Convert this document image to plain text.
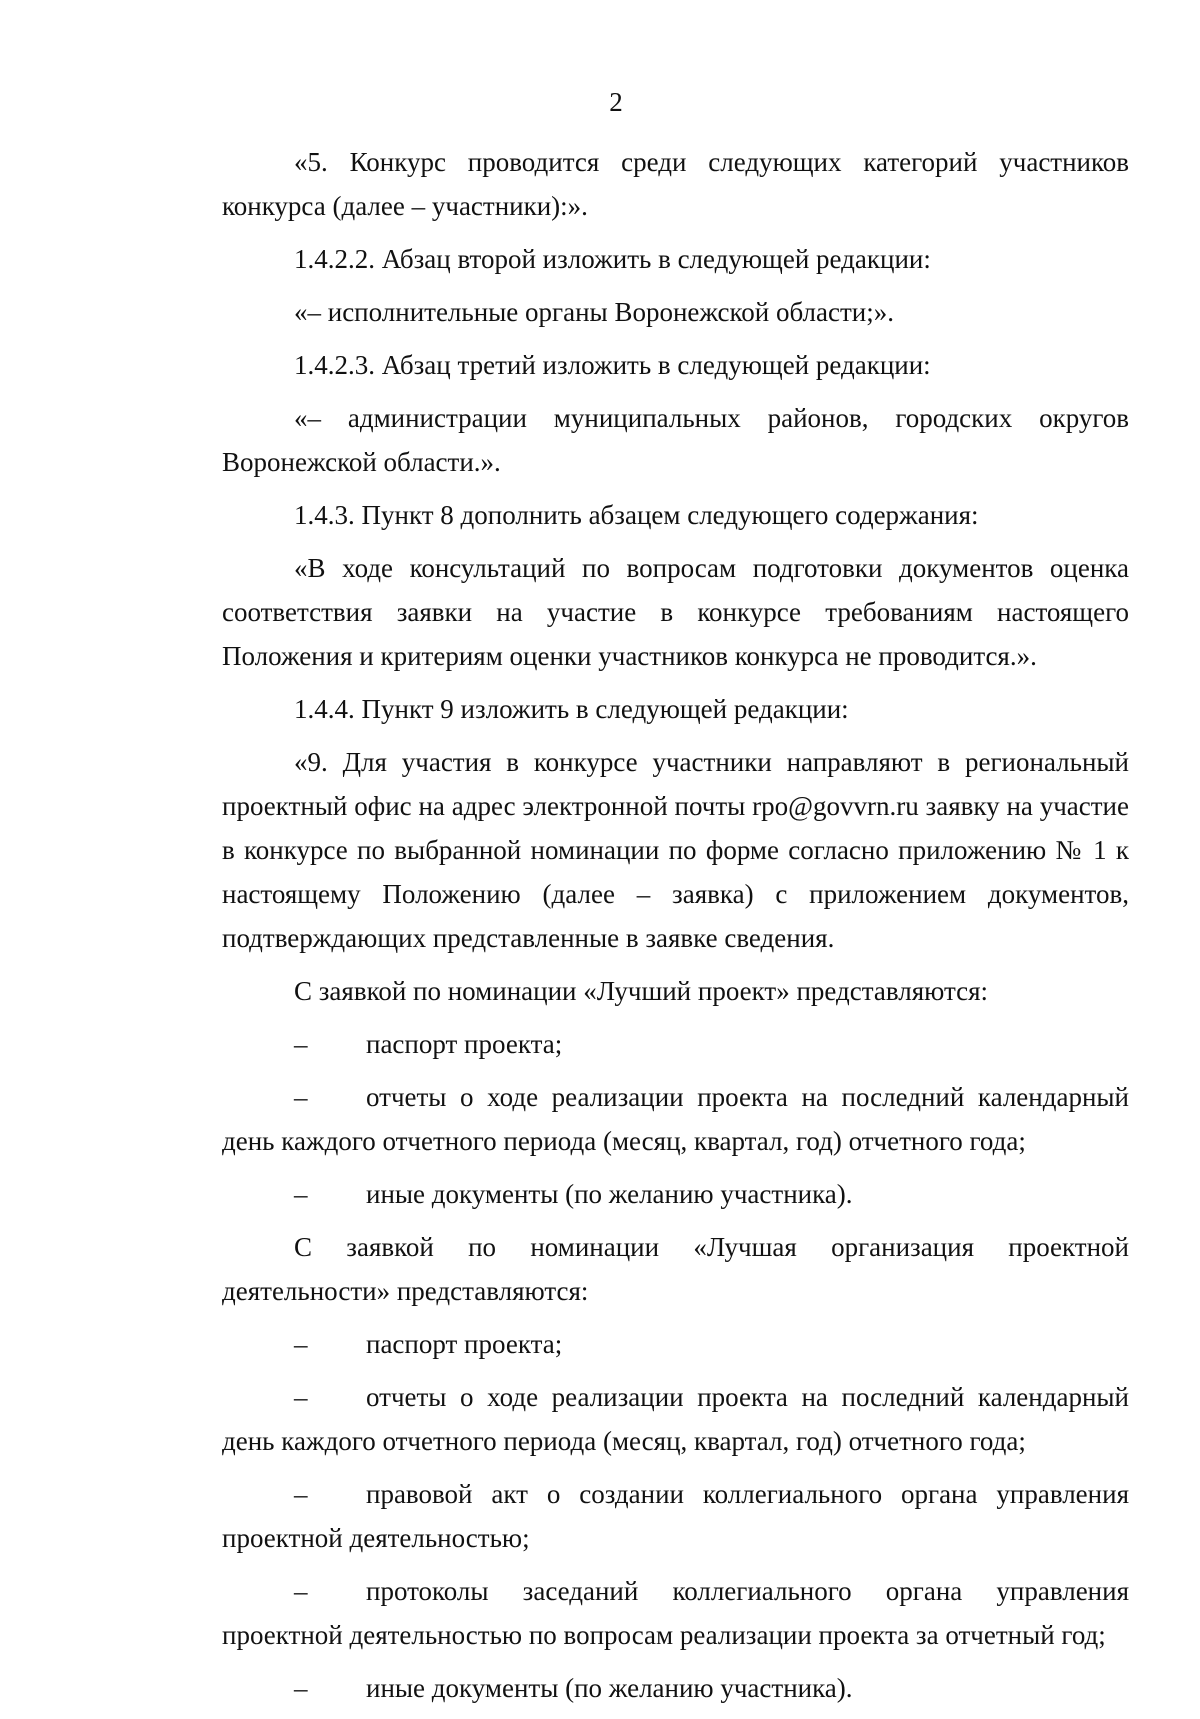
2

«5. Конкурс проводится среди следующих категорий участников конкурса (далее – участники):».

1.4.2.2. Абзац второй изложить в следующей редакции:

«– исполнительные органы Воронежской области;».

1.4.2.3. Абзац третий изложить в следующей редакции:

«– администрации муниципальных районов, городских округов Воронежской области.».

1.4.3. Пункт 8 дополнить абзацем следующего содержания:

«В ходе консультаций по вопросам подготовки документов оценка соответствия заявки на участие в конкурсе требованиям настоящего Положения и критериям оценки участников конкурса не проводится.».

1.4.4. Пункт 9 изложить в следующей редакции:

«9. Для участия в конкурсе участники направляют в региональный проектный офис на адрес электронной почты rpo@govvrn.ru заявку на участие в конкурсе по выбранной номинации по форме согласно приложению № 1 к настоящему Положению (далее – заявка) с приложением документов, подтверждающих представленные в заявке сведения.

С заявкой по номинации «Лучший проект» представляются:

– паспорт проекта;

– отчеты о ходе реализации проекта на последний календарный день каждого отчетного периода (месяц, квартал, год) отчетного года;

– иные документы (по желанию участника).

С заявкой по номинации «Лучшая организация проектной деятельности» представляются:

– паспорт проекта;

– отчеты о ходе реализации проекта на последний календарный день каждого отчетного периода (месяц, квартал, год) отчетного года;

– правовой акт о создании коллегиального органа управления проектной деятельностью;

– протоколы заседаний коллегиального органа управления проектной деятельностью по вопросам реализации проекта за отчетный год;

– иные документы (по желанию участника).
